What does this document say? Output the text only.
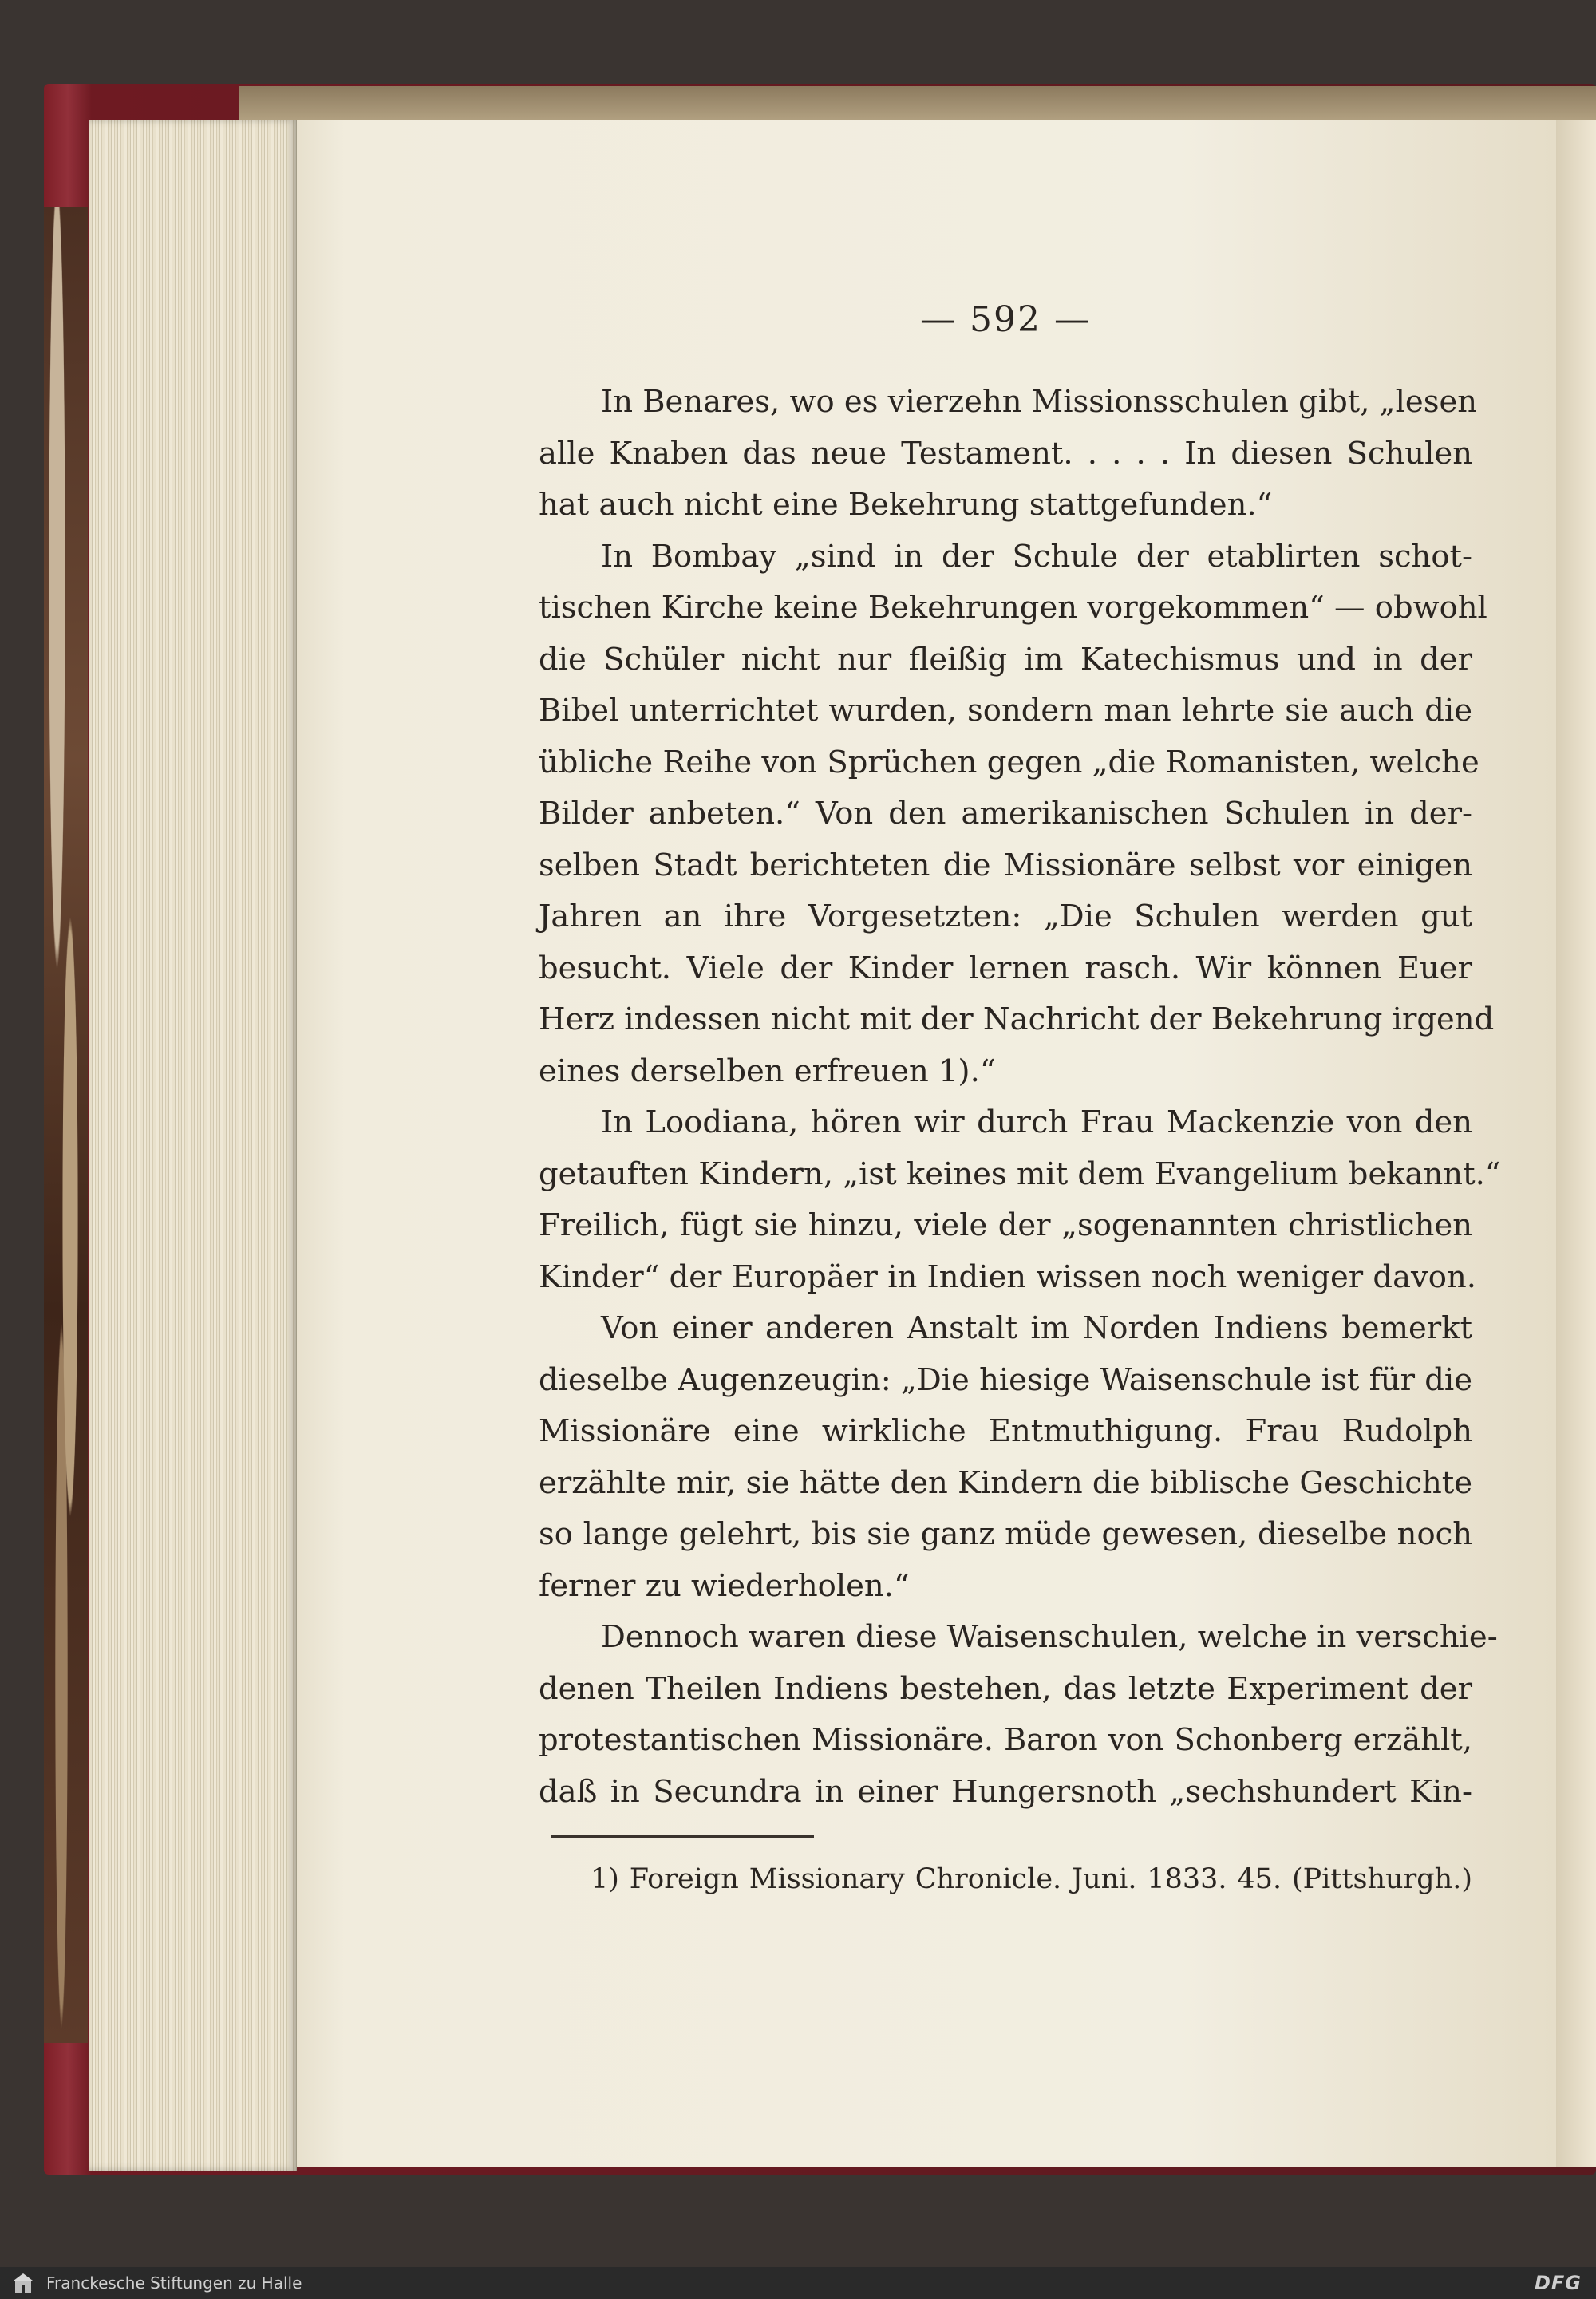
— 592 —
In Benares, wo es vierzehn Missionsschulen gibt, „lesen
alle Knaben das neue Testament. . . . . In diesen Schulen
hat auch nicht eine Bekehrung stattgefunden.“
In Bombay „sind in der Schule der etablirten schot-
tischen Kirche keine Bekehrungen vorgekommen“ — obwohl
die Schüler nicht nur fleißig im Katechismus und in der
Bibel unterrichtet wurden, sondern man lehrte sie auch die
übliche Reihe von Sprüchen gegen „die Romanisten, welche
Bilder anbeten.“ Von den amerikanischen Schulen in der-
selben Stadt berichteten die Missionäre selbst vor einigen
Jahren an ihre Vorgesetzten: „Die Schulen werden gut
besucht. Viele der Kinder lernen rasch. Wir können Euer
Herz indessen nicht mit der Nachricht der Bekehrung irgend
eines derselben erfreuen 1).“
In Loodiana, hören wir durch Frau Mackenzie von den
getauften Kindern, „ist keines mit dem Evangelium bekannt.“
Freilich, fügt sie hinzu, viele der „sogenannten christlichen
Kinder“ der Europäer in Indien wissen noch weniger davon.
Von einer anderen Anstalt im Norden Indiens bemerkt
dieselbe Augenzeugin: „Die hiesige Waisenschule ist für die
Missionäre eine wirkliche Entmuthigung. Frau Rudolph
erzählte mir, sie hätte den Kindern die biblische Geschichte
so lange gelehrt, bis sie ganz müde gewesen, dieselbe noch
ferner zu wiederholen.“
Dennoch waren diese Waisenschulen, welche in verschie-
denen Theilen Indiens bestehen, das letzte Experiment der
protestantischen Missionäre. Baron von Schonberg erzählt,
daß in Secundra in einer Hungersnoth „sechshundert Kin-
1) Foreign Missionary Chronicle. Juni. 1833. 45. (Pittshurgh.)
Franckesche Stiftungen zu Halle	DFG
